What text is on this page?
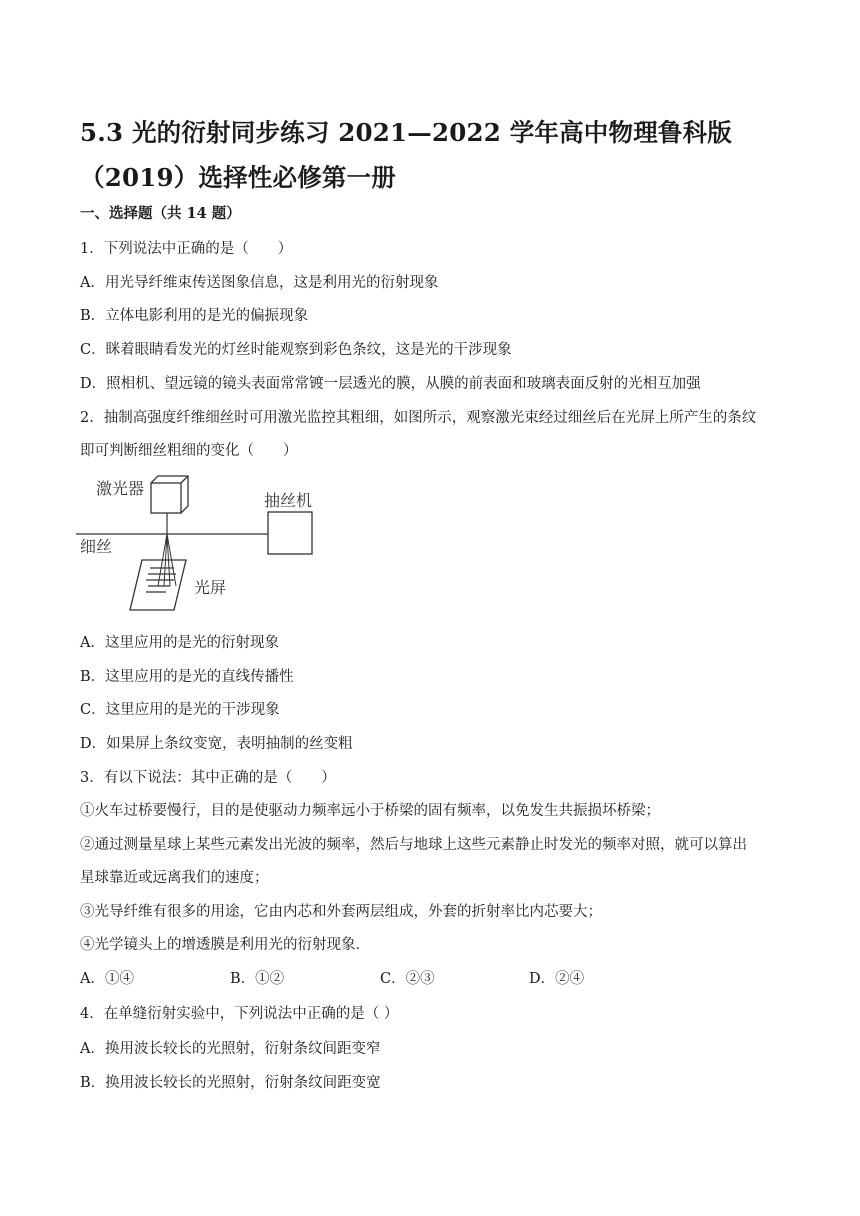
5.3 光的衍射同步练习 2021—2022 学年高中物理鲁科版（2019）选择性必修第一册
一、选择题（共 14 题）
1．下列说法中正确的是（　　）
A．用光导纤维束传送图象信息，这是利用光的衍射现象
B．立体电影利用的是光的偏振现象
C．眯着眼睛看发光的灯丝时能观察到彩色条纹，这是光的干涉现象
D．照相机、望远镜的镜头表面常常镀一层透光的膜，从膜的前表面和玻璃表面反射的光相互加强
2．抽制高强度纤维细丝时可用激光监控其粗细，如图所示，观察激光束经过细丝后在光屏上所产生的条纹
即可判断细丝粗细的变化（　　）
激光器
细丝
抽丝机
光屏
A．这里应用的是光的衍射现象
B．这里应用的是光的直线传播性
C．这里应用的是光的干涉现象
D．如果屏上条纹变宽，表明抽制的丝变粗
3．有以下说法：其中正确的是（　　）
①火车过桥要慢行，目的是使驱动力频率远小于桥梁的固有频率，以免发生共振损坏桥梁；
②通过测量星球上某些元素发出光波的频率，然后与地球上这些元素静止时发光的频率对照，就可以算出
星球靠近或远离我们的速度；
③光导纤维有很多的用途，它由内芯和外套两层组成，外套的折射率比内芯要大；
④光学镜头上的增透膜是利用光的衍射现象．
A．①④	B．①②	C．②③	D．②④
4．在单缝衍射实验中，下列说法中正确的是（ ）
A．换用波长较长的光照射，衍射条纹间距变窄
B．换用波长较长的光照射，衍射条纹间距变宽
